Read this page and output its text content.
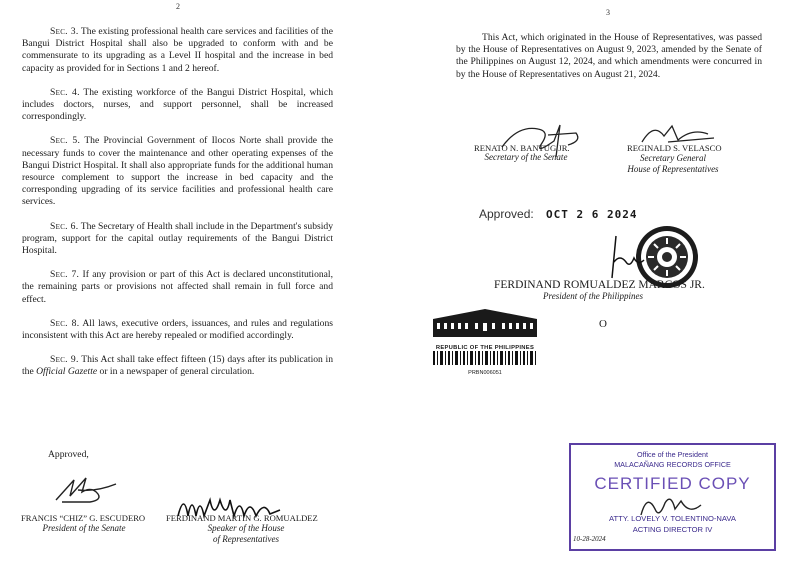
2

Sec. 3. The existing professional health care services and facilities of the Bangui District Hospital shall also be upgraded to conform with and be commensurate to its upgrading as a Level II hospital and the increase in bed capacity as provided for in Sections 1 and 2 hereof.

Sec. 4. The existing workforce of the Bangui District Hospital, which includes doctors, nurses, and support personnel, shall be increased correspondingly.

Sec. 5. The Provincial Government of Ilocos Norte shall provide the necessary funds to cover the maintenance and other operating expenses of the Bangui District Hospital. It shall also appropriate funds for the additional human resource complement to support the increase in bed capacity and the corresponding upgrading of its service facilities and professional health care services.

Sec. 6. The Secretary of Health shall include in the Department's subsidy program, support for the capital outlay requirements of the Bangui District Hospital.

Sec. 7. If any provision or part of this Act is declared unconstitutional, the remaining parts or provisions not affected shall remain in full force and effect.

Sec. 8. All laws, executive orders, issuances, and rules and regulations inconsistent with this Act are hereby repealed or modified accordingly.

Sec. 9. This Act shall take effect fifteen (15) days after its publication in the Official Gazette or in a newspaper of general circulation.

Approved,
FRANCIS “CHIZ” G. ESCUDERO
President of the Senate
FERDINAND MARTIN G. ROMUALDEZ
Speaker of the House
of Representatives
3

This Act, which originated in the House of Representatives, was passed by the House of Representatives on August 9, 2023, amended by the Senate of the Philippines on August 12, 2024, and which amendments were concurred in by the House of Representatives on August 21, 2024.

RENATO N. BANTUG JR.
Secretary of the Senate
REGINALD S. VELASCO
Secretary General
House of Representatives
Approved: OCT 2 6 2024
FERDINAND ROMUALDEZ MARCOS JR.
President of the Philippines
O
REPUBLIC OF THE PHILIPPINES
PRBN006051
Office of the President
MALACAÑANG RECORDS OFFICE
CERTIFIED COPY
ATTY. LOVELY V. TOLENTINO-NAVA
ACTING DIRECTOR IV
10-28-2024
